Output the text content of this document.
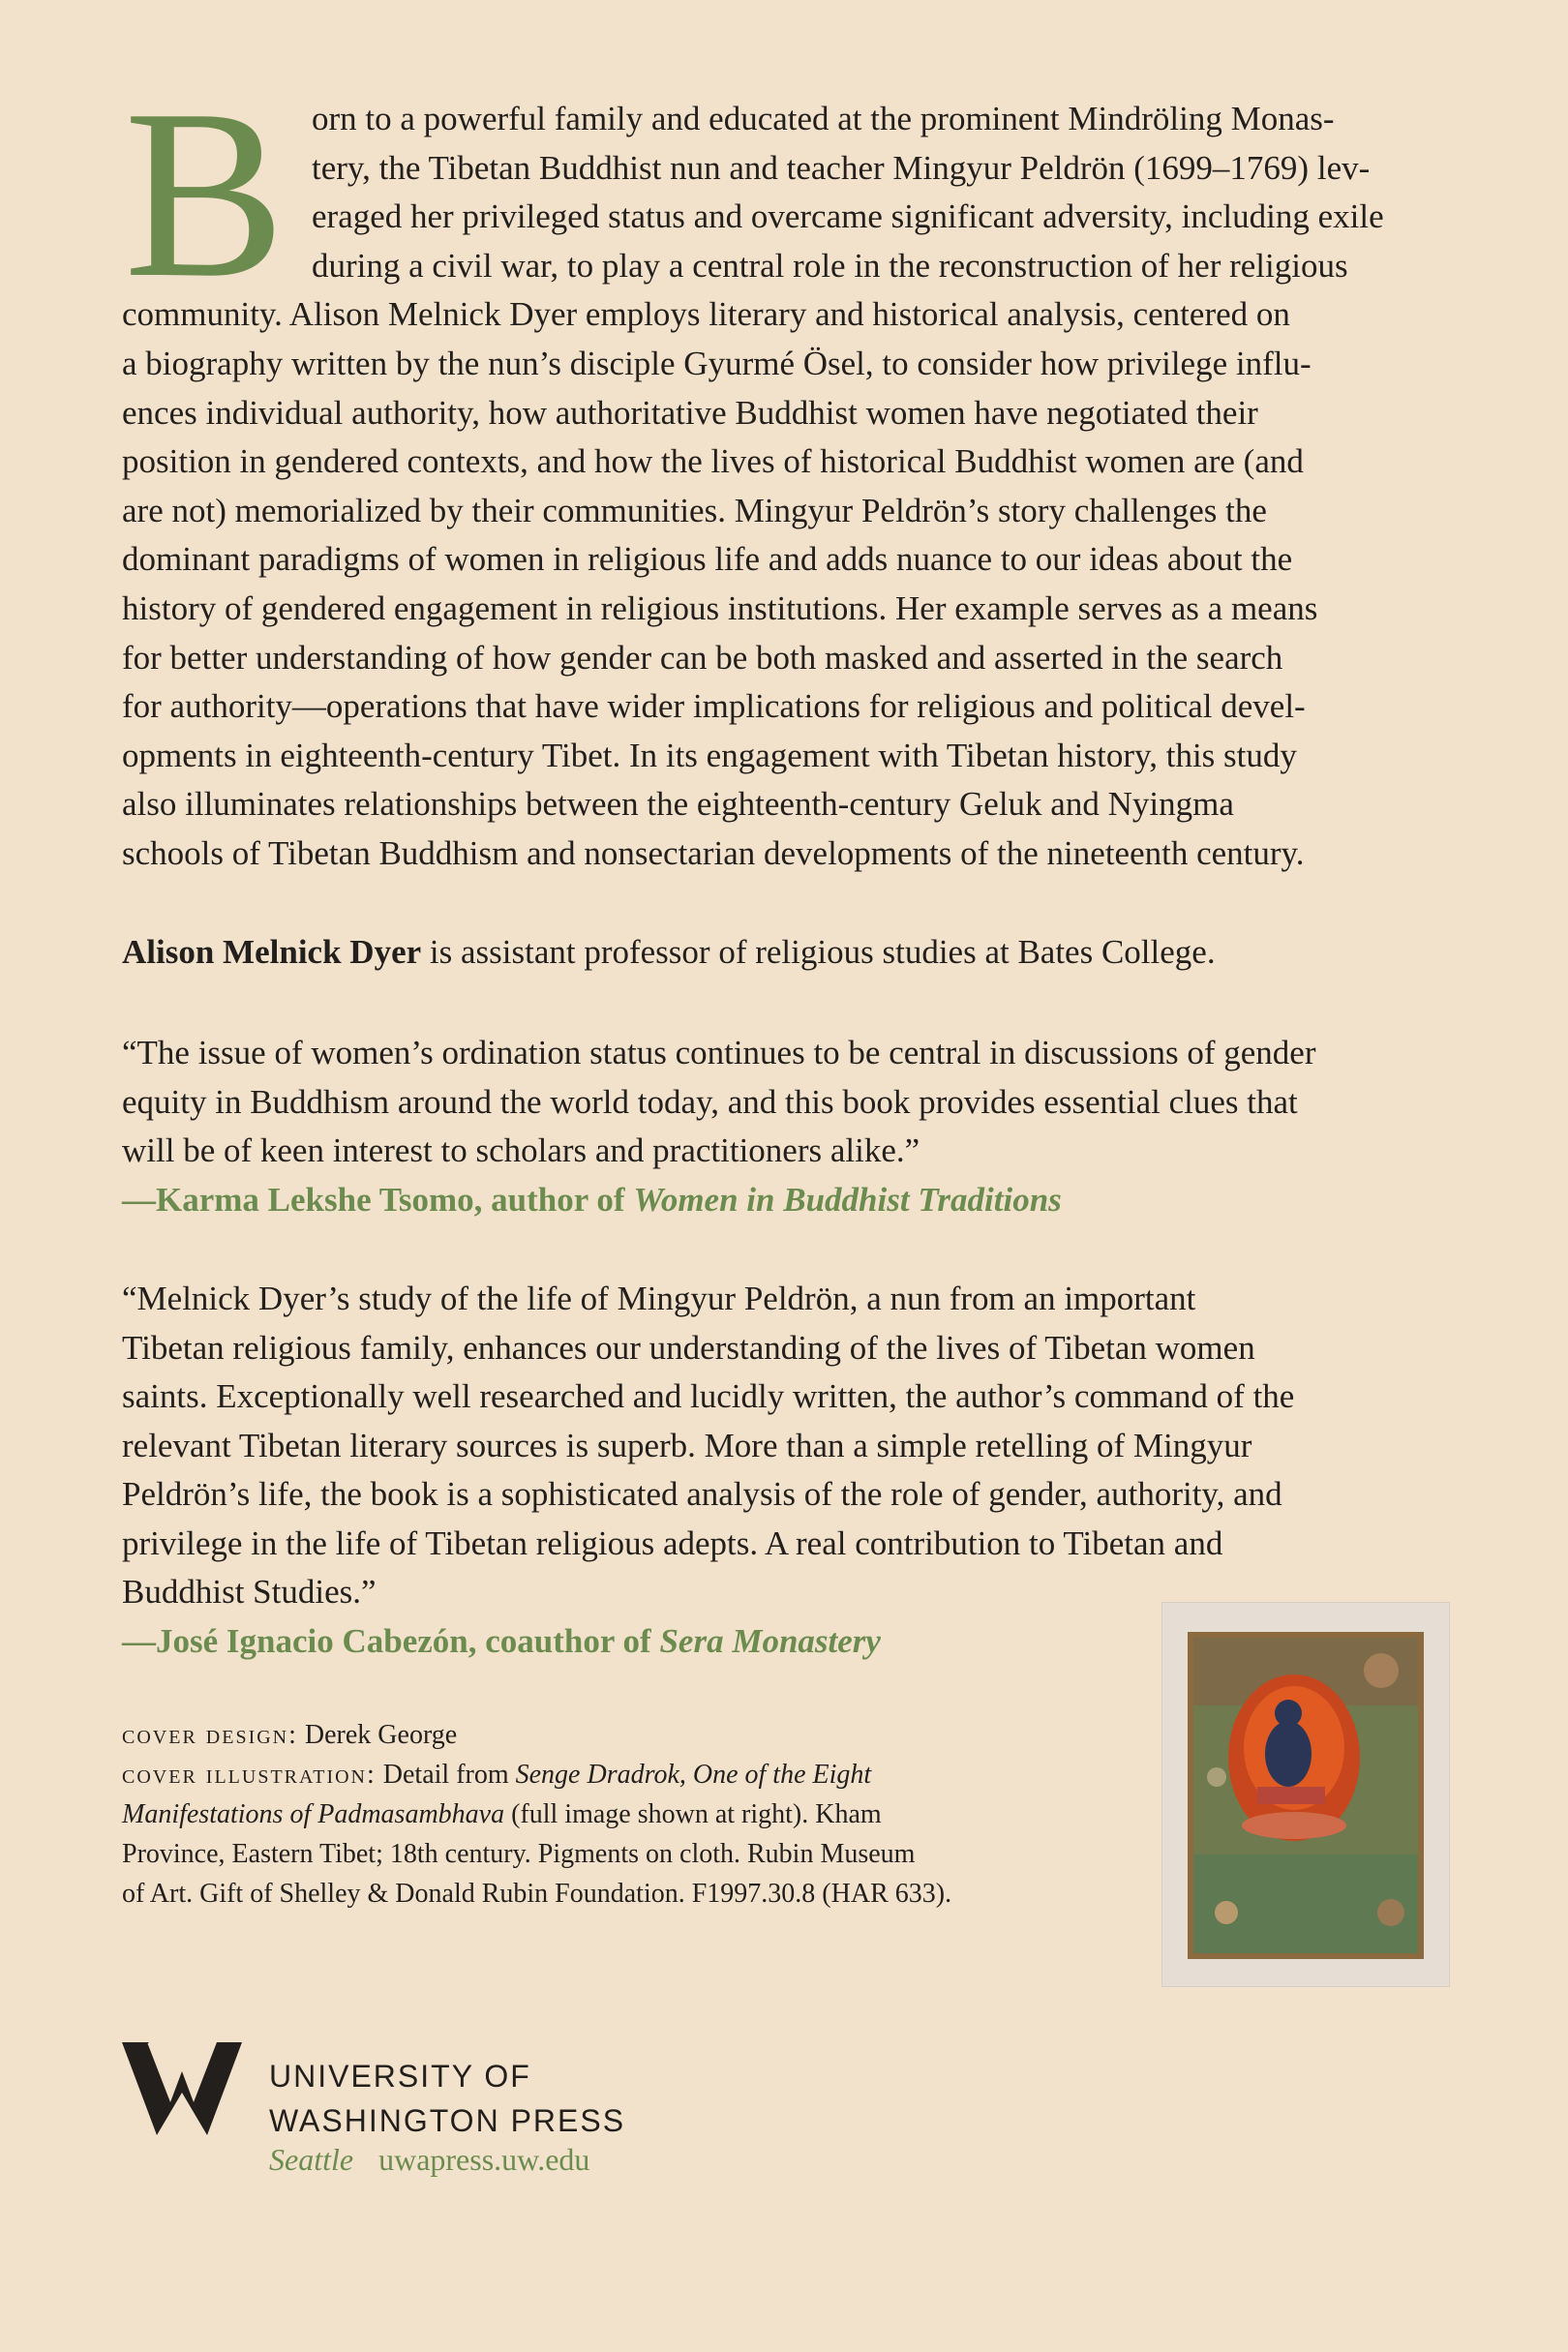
B orn to a powerful family and educated at the prominent Mindröling Monas-
tery, the Tibetan Buddhist nun and teacher Mingyur Peldrön (1699–1769) lev-
eraged her privileged status and overcame significant adversity, including exile
during a civil war, to play a central role in the reconstruction of her religious
community. Alison Melnick Dyer employs literary and historical analysis, centered on
a biography written by the nun’s disciple Gyurmé Ösel, to consider how privilege influ-
ences individual authority, how authoritative Buddhist women have negotiated their
position in gendered contexts, and how the lives of historical Buddhist women are (and
are not) memorialized by their communities. Mingyur Peldrön’s story challenges the
dominant paradigms of women in religious life and adds nuance to our ideas about the
history of gendered engagement in religious institutions. Her example serves as a means
for better understanding of how gender can be both masked and asserted in the search
for authority—operations that have wider implications for religious and political devel-
opments in eighteenth-century Tibet. In its engagement with Tibetan history, this study
also illuminates relationships between the eighteenth-century Geluk and Nyingma
schools of Tibetan Buddhism and nonsectarian developments of the nineteenth century.
Alison Melnick Dyer is assistant professor of religious studies at Bates College.
“The issue of women’s ordination status continues to be central in discussions of gender
equity in Buddhism around the world today, and this book provides essential clues that
will be of keen interest to scholars and practitioners alike.”
—Karma Lekshe Tsomo, author of Women in Buddhist Traditions
“Melnick Dyer’s study of the life of Mingyur Peldrön, a nun from an important
Tibetan religious family, enhances our understanding of the lives of Tibetan women
saints. Exceptionally well researched and lucidly written, the author’s command of the
relevant Tibetan literary sources is superb. More than a simple retelling of Mingyur
Peldrön’s life, the book is a sophisticated analysis of the role of gender, authority, and
privilege in the life of Tibetan religious adepts. A real contribution to Tibetan and
Buddhist Studies.”
—José Ignacio Cabezón, coauthor of Sera Monastery
cover design: Derek George
cover illustration: Detail from Senge Dradrok, One of the Eight
Manifestations of Padmasambhava (full image shown at right). Kham
Province, Eastern Tibet; 18th century. Pigments on cloth. Rubin Museum
of Art. Gift of Shelley & Donald Rubin Foundation. F1997.30.8 (HAR 633).
UNIVERSITY OF
WASHINGTON PRESS
Seattle uwapress.uw.edu
